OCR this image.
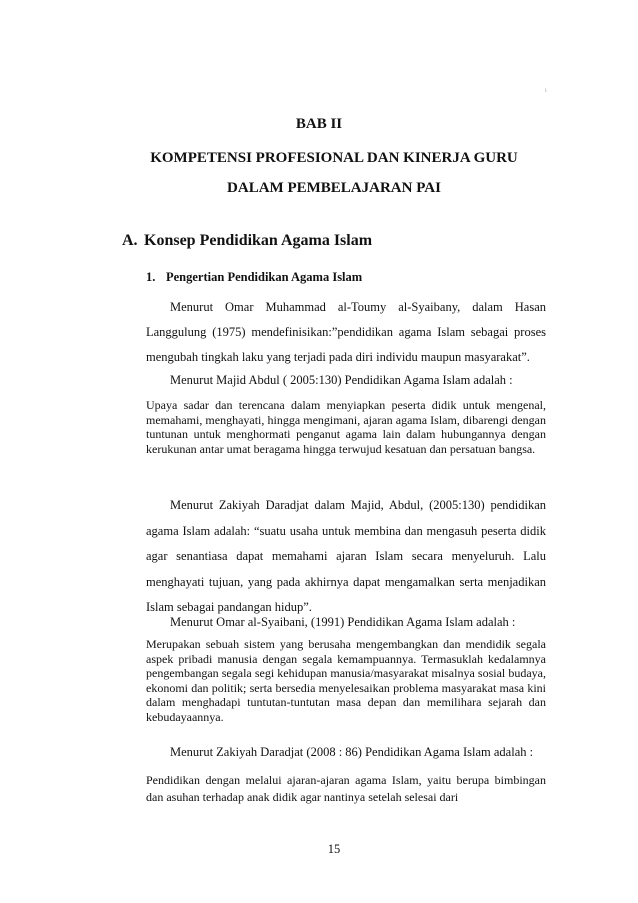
i
BAB II
KOMPETENSI PROFESIONAL DAN KINERJA GURU
DALAM PEMBELAJARAN PAI
A. Konsep Pendidikan Agama Islam
1. Pengertian Pendidikan Agama Islam
Menurut Omar Muhammad al-Toumy al-Syaibany, dalam Hasan Langgulung (1975) mendefinisikan:”pendidikan agama Islam sebagai proses mengubah tingkah laku yang terjadi pada diri individu maupun masyarakat”.
Menurut Majid Abdul ( 2005:130) Pendidikan Agama Islam adalah :
Upaya sadar dan terencana dalam menyiapkan peserta didik untuk mengenal, memahami, menghayati, hingga mengimani, ajaran agama Islam, dibarengi dengan tuntunan untuk menghormati penganut agama lain dalam hubungannya dengan kerukunan antar umat beragama hingga terwujud kesatuan dan persatuan bangsa.
Menurut Zakiyah Daradjat dalam Majid, Abdul, (2005:130) pendidikan agama Islam adalah: “suatu usaha untuk membina dan mengasuh peserta didik agar senantiasa dapat memahami ajaran Islam secara menyeluruh. Lalu menghayati tujuan, yang pada akhirnya dapat mengamalkan serta menjadikan Islam sebagai pandangan hidup”.
Menurut Omar al-Syaibani, (1991) Pendidikan Agama Islam adalah :
Merupakan sebuah sistem yang berusaha mengembangkan dan mendidik segala aspek pribadi manusia dengan segala kemampuannya. Termasuklah kedalamnya pengembangan segala segi kehidupan manusia/masyarakat misalnya sosial budaya, ekonomi dan politik; serta bersedia menyelesaikan problema masyarakat masa kini dalam menghadapi tuntutan-tuntutan masa depan dan memilihara sejarah dan kebudayaannya.
Menurut Zakiyah Daradjat (2008 : 86) Pendidikan Agama Islam adalah :
Pendidikan dengan melalui ajaran-ajaran agama Islam, yaitu berupa bimbingan dan asuhan terhadap anak didik agar nantinya setelah selesai dari
15
